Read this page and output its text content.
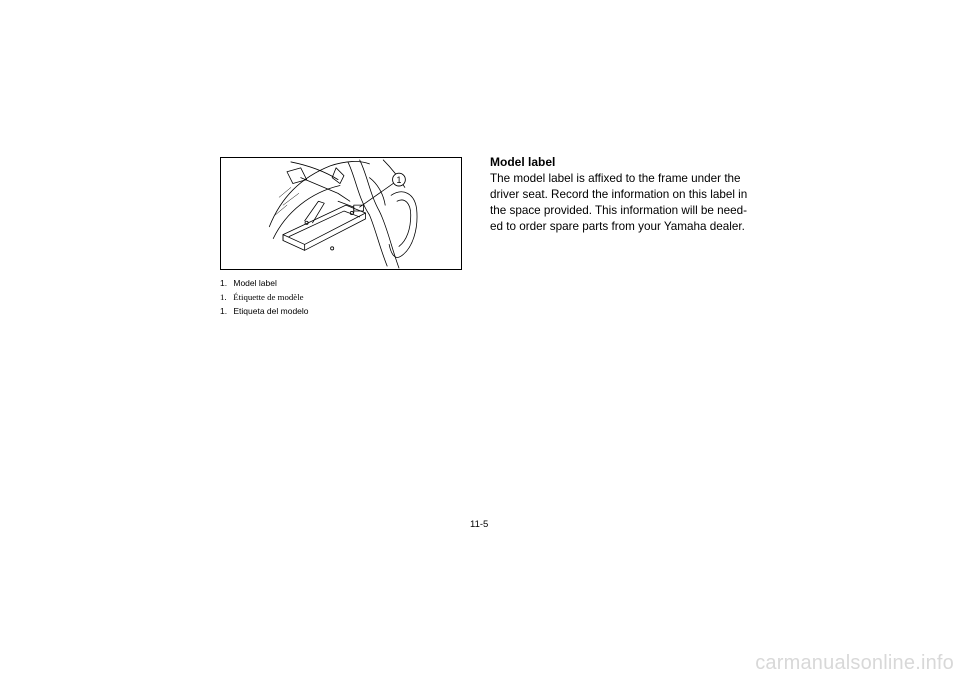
1
1. Model label
1. Étiquette de modèle
1. Etiqueta del modelo
Model label
The model label is affixed to the frame under the
driver seat. Record the information on this label in
the space provided. This information will be need-
ed to order spare parts from your Yamaha dealer.
11-5
carmanualsonline.info
